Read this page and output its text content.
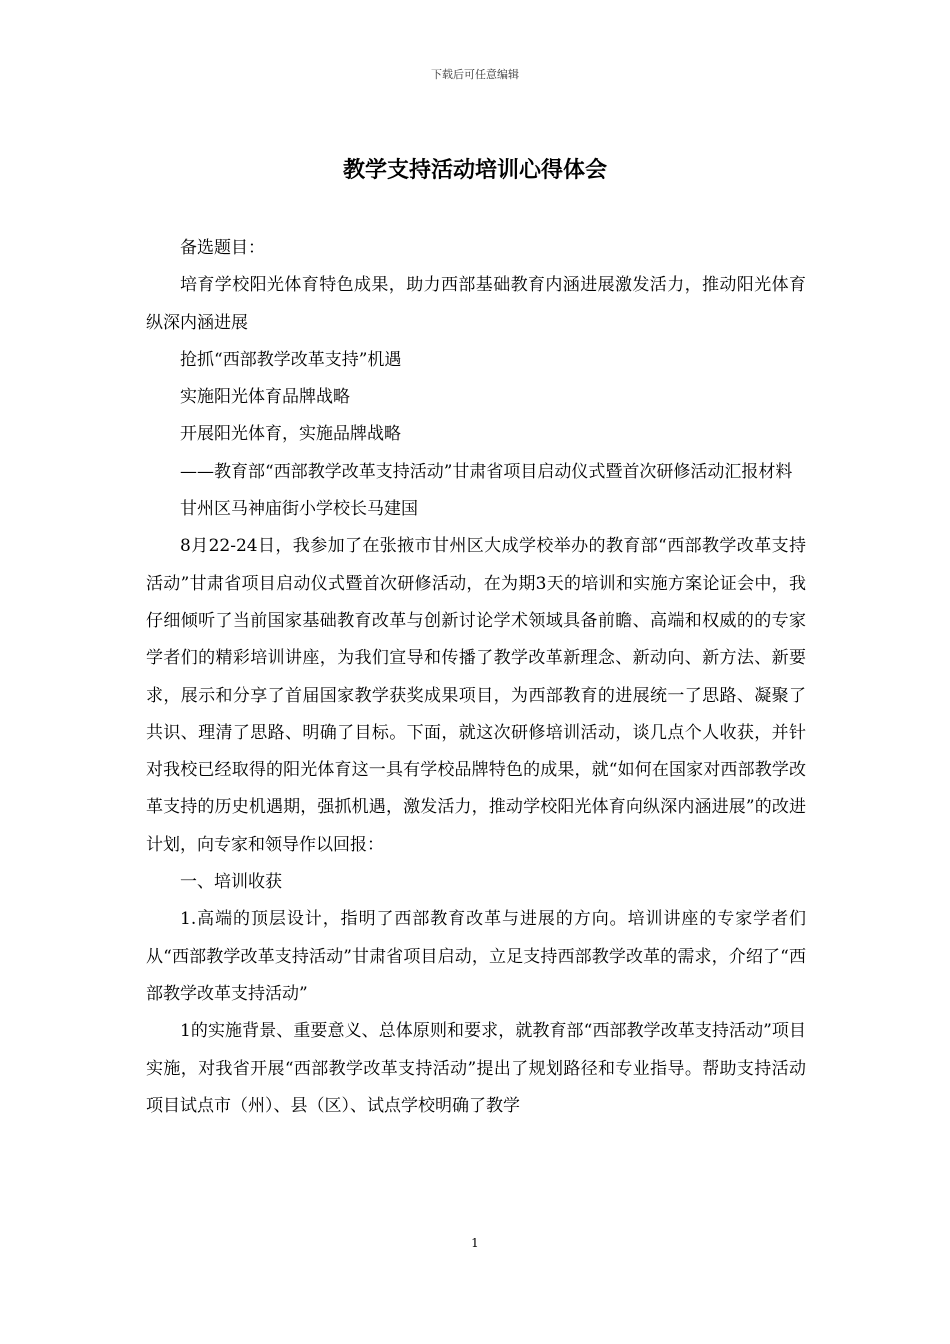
下载后可任意编辑
教学支持活动培训心得体会

备选题目：

培育学校阳光体育特色成果，助力西部基础教育内涵进展激发活力，推动阳光体育纵深内涵进展

抢抓“西部教学改革支持”机遇

实施阳光体育品牌战略

开展阳光体育，实施品牌战略

——教育部“西部教学改革支持活动”甘肃省项目启动仪式暨首次研修活动汇报材料

甘州区马神庙街小学校长马建国

8月22-24日，我参加了在张掖市甘州区大成学校举办的教育部“西部教学改革支持活动”甘肃省项目启动仪式暨首次研修活动，在为期3天的培训和实施方案论证会中，我仔细倾听了当前国家基础教育改革与创新讨论学术领域具备前瞻、高端和权威的的专家学者们的精彩培训讲座，为我们宣导和传播了教学改革新理念、新动向、新方法、新要求，展示和分享了首届国家教学获奖成果项目，为西部教育的进展统一了思路、凝聚了共识、理清了思路、明确了目标。下面，就这次研修培训活动，谈几点个人收获，并针对我校已经取得的阳光体育这一具有学校品牌特色的成果，就“如何在国家对西部教学改革支持的历史机遇期，强抓机遇，激发活力，推动学校阳光体育向纵深内涵进展”的改进计划，向专家和领导作以回报：

一、培训收获

1.高端的顶层设计，指明了西部教育改革与进展的方向。培训讲座的专家学者们从“西部教学改革支持活动”甘肃省项目启动，立足支持西部教学改革的需求，介绍了“西部教学改革支持活动”

1的实施背景、重要意义、总体原则和要求，就教育部“西部教学改革支持活动”项目实施，对我省开展“西部教学改革支持活动”提出了规划路径和专业指导。帮助支持活动项目试点市（州）、县（区）、试点学校明确了教学

1
